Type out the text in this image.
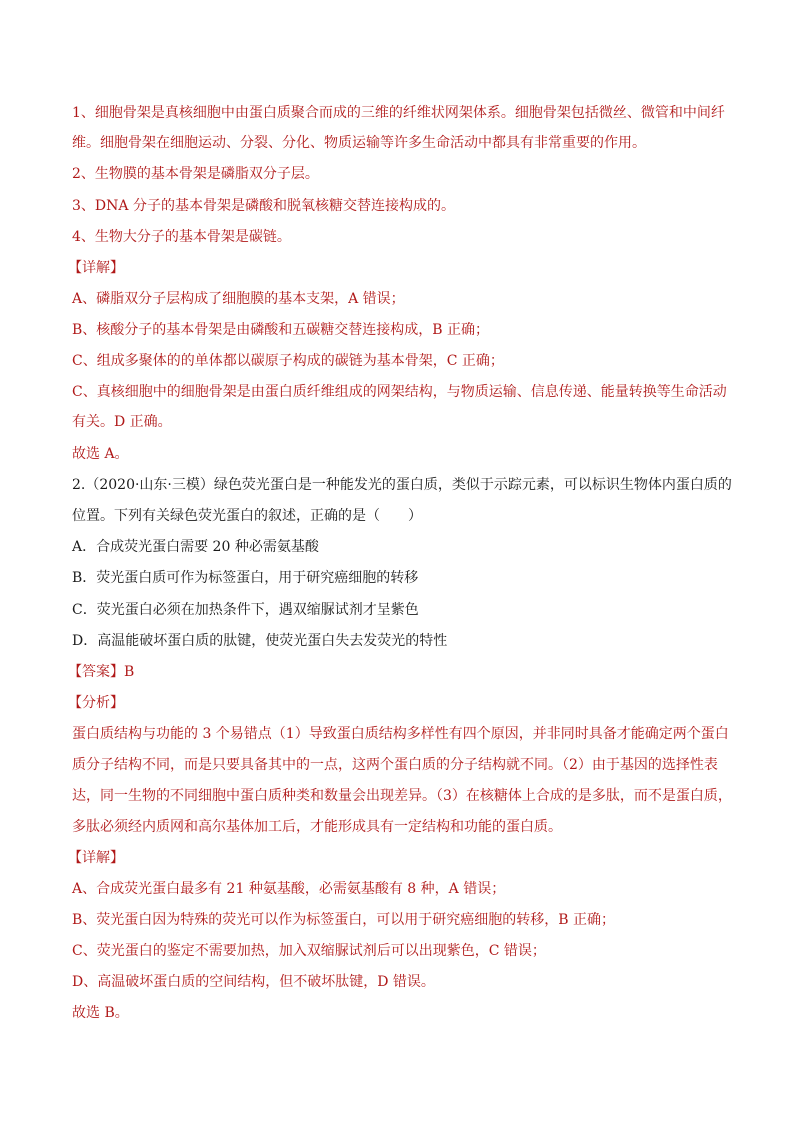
1、细胞骨架是真核细胞中由蛋白质聚合而成的三维的纤维状网架体系。细胞骨架包括微丝、微管和中间纤
维。细胞骨架在细胞运动、分裂、分化、物质运输等许多生命活动中都具有非常重要的作用。
2、生物膜的基本骨架是磷脂双分子层。
3、DNA 分子的基本骨架是磷酸和脱氧核糖交替连接构成的。
4、生物大分子的基本骨架是碳链。
【详解】
A、磷脂双分子层构成了细胞膜的基本支架，A 错误；
B、核酸分子的基本骨架是由磷酸和五碳糖交替连接构成，B 正确；
C、组成多聚体的的单体都以碳原子构成的碳链为基本骨架，C 正确；
C、真核细胞中的细胞骨架是由蛋白质纤维组成的网架结构，与物质运输、信息传递、能量转换等生命活动
有关。D 正确。
故选 A。
2.（2020·山东·三模）绿色荧光蛋白是一种能发光的蛋白质，类似于示踪元素，可以标识生物体内蛋白质的
位置。下列有关绿色荧光蛋白的叙述，正确的是（　　）
A．合成荧光蛋白需要 20 种必需氨基酸
B．荧光蛋白质可作为标签蛋白，用于研究癌细胞的转移
C．荧光蛋白必须在加热条件下，遇双缩脲试剂才呈紫色
D．高温能破坏蛋白质的肽键，使荧光蛋白失去发荧光的特性
【答案】B
【分析】
蛋白质结构与功能的 3 个易错点（1）导致蛋白质结构多样性有四个原因，并非同时具备才能确定两个蛋白
质分子结构不同，而是只要具备其中的一点，这两个蛋白质的分子结构就不同。（2）由于基因的选择性表
达，同一生物的不同细胞中蛋白质种类和数量会出现差异。（3）在核糖体上合成的是多肽，而不是蛋白质，
多肽必须经内质网和高尔基体加工后，才能形成具有一定结构和功能的蛋白质。
【详解】
A、合成荧光蛋白最多有 21 种氨基酸，必需氨基酸有 8 种，A 错误；
B、荧光蛋白因为特殊的荧光可以作为标签蛋白，可以用于研究癌细胞的转移，B 正确；
C、荧光蛋白的鉴定不需要加热，加入双缩脲试剂后可以出现紫色，C 错误；
D、高温破坏蛋白质的空间结构，但不破坏肽键，D 错误。
故选 B。
